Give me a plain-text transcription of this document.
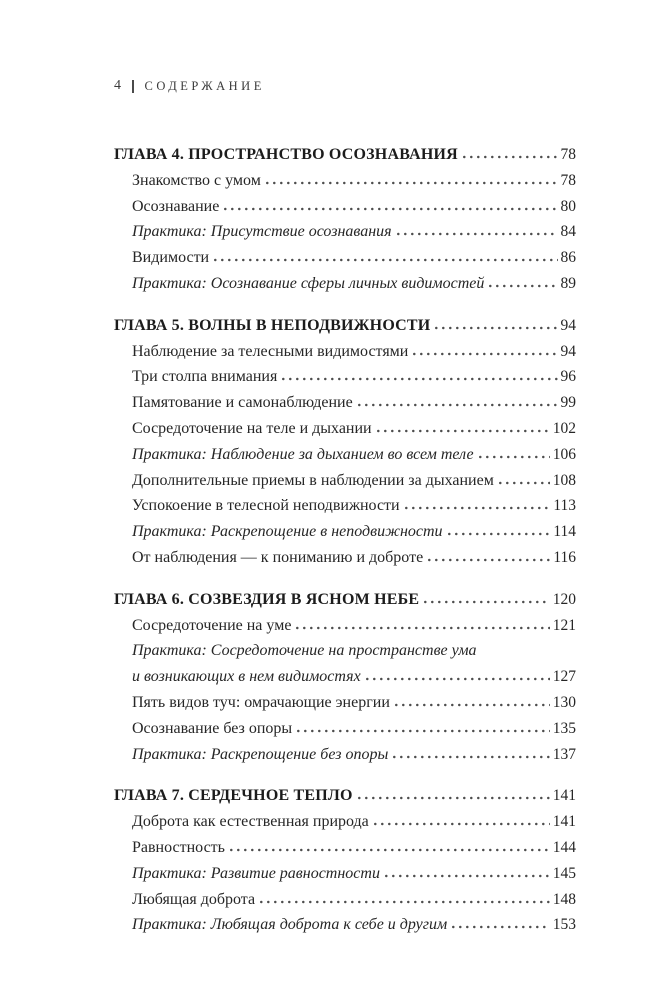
4 СОДЕРЖАНИЕ
ГЛАВА 4. ПРОСТРАНСТВО ОСОЗНАВАНИЯ	78
Знакомство с умом	78
Осознавание	80
Практика: Присутствие осознавания	84
Видимости	86
Практика: Осознавание сферы личных видимостей	89
ГЛАВА 5. ВОЛНЫ В НЕПОДВИЖНОСТИ	94
Наблюдение за телесными видимостями	94
Три столпа внимания	96
Памятование и самонаблюдение	99
Сосредоточение на теле и дыхании	102
Практика: Наблюдение за дыханием во всем теле	106
Дополнительные приемы в наблюдении за дыханием	108
Успокоение в телесной неподвижности	113
Практика: Раскрепощение в неподвижности	114
От наблюдения — к пониманию и доброте	116
ГЛАВА 6. СОЗВЕЗДИЯ В ЯСНОМ НЕБЕ	120
Сосредоточение на уме	121
Практика: Сосредоточение на пространстве ума
и возникающих в нем видимостях	127
Пять видов туч: омрачающие энергии	130
Осознавание без опоры	135
Практика: Раскрепощение без опоры	137
ГЛАВА 7. СЕРДЕЧНОЕ ТЕПЛО	141
Доброта как естественная природа	141
Равностность	144
Практика: Развитие равностности	145
Любящая доброта	148
Практика: Любящая доброта к себе и другим	153
